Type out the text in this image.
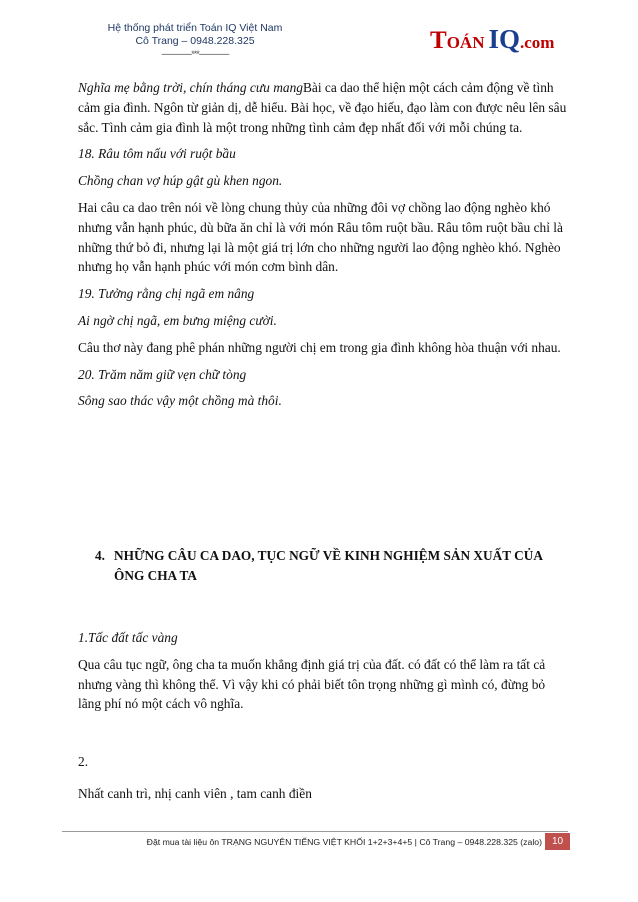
Hệ thống phát triển Toán IQ Việt Nam
Cô Trang – 0948.228.325
---------------***---------------	TOÁN IQ.com

Nghĩa mẹ bằng trời, chín tháng cưu mangBài ca dao thể hiện một cách cảm động về tình cảm gia đình. Ngôn từ giản dị, dễ hiểu. Bài học, về đạo hiếu, đạo làm con được nêu lên sâu sắc. Tình cảm gia đình là một trong những tình cảm đẹp nhất đối với mỗi chúng ta.

18. Râu tôm nấu với ruột bầu

Chồng chan vợ húp gật gù khen ngon.

Hai câu ca dao trên nói về lòng chung thủy của những đôi vợ chồng lao động nghèo khó nhưng vẫn hạnh phúc, dù bữa ăn chỉ là với món Râu tôm ruột bầu. Râu tôm ruột bầu chỉ là những thứ bỏ đi, nhưng lại là một giá trị lớn cho những người lao động nghèo khó. Nghèo nhưng họ vẫn hạnh phúc với món cơm bình dân.

19. Tưởng rằng chị ngã em nâng

Ai ngờ chị ngã, em bưng miệng cười.

Câu thơ này đang phê phán những người chị em trong gia đình không hòa thuận với nhau.

20. Trăm năm giữ vẹn chữ tòng

Sông sao thác vậy một chồng mà thôi.

4. NHỮNG CÂU CA DAO, TỤC NGỮ VỀ KINH NGHIỆM SẢN XUẤT CỦA ÔNG CHA TA

1.Tấc đất tấc vàng

Qua câu tục ngữ, ông cha ta muốn khẳng định giá trị của đất. có đất có thể làm ra tất cả nhưng vàng thì không thể. Vì vậy khi có phải biết tôn trọng những gì mình có, đừng bỏ lãng phí nó một cách vô nghĩa.

2.

Nhất canh trì, nhị canh viên , tam canh điền

Đặt mua tài liệu ôn TRẠNG NGUYÊN TIẾNG VIỆT KHỐI 1+2+3+4+5 | Cô Trang – 0948.228.325 (zalo) 10
